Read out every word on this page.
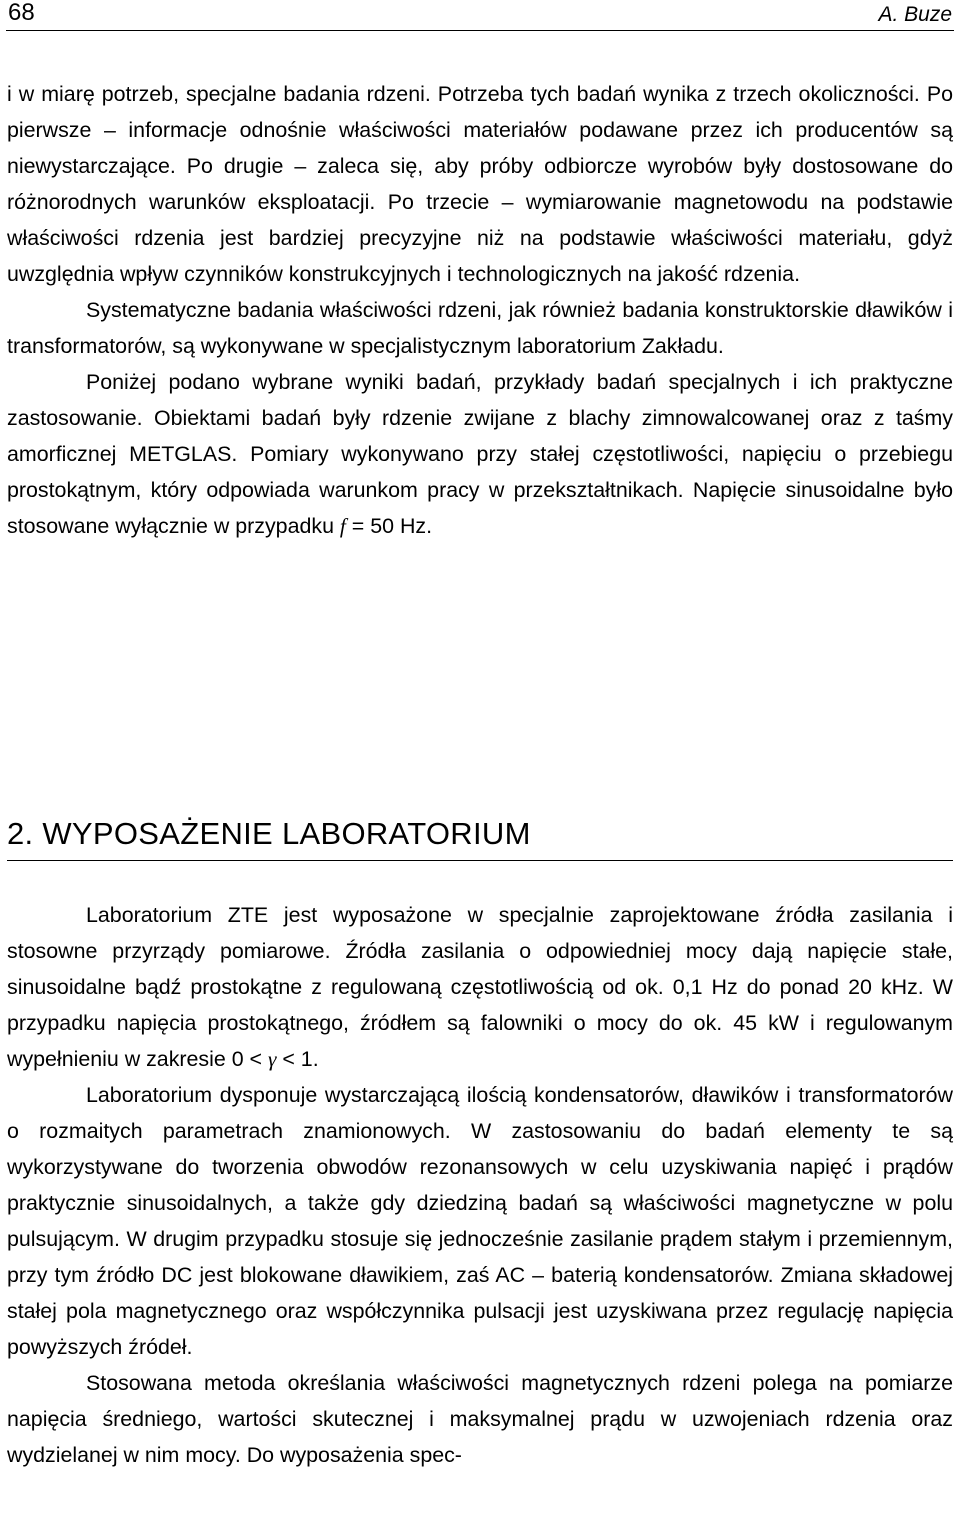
68	A. Buze

i w miarę potrzeb, specjalne badania rdzeni. Potrzeba tych badań wynika z trzech okoliczności. Po pierwsze – informacje odnośnie właściwości materiałów podawane przez ich producentów są niewystarczające. Po drugie – zaleca się, aby próby odbiorcze wyrobów były dostosowane do różnorodnych warunków eksploatacji. Po trzecie – wymiarowanie magnetowodu na podstawie właściwości rdzenia jest bardziej precyzyjne niż na podstawie właściwości materiału, gdyż uwzględnia wpływ czynników konstrukcyjnych i technologicznych na jakość rdzenia.

Systematyczne badania właściwości rdzeni, jak również badania konstruktorskie dławików i transformatorów, są wykonywane w specjalistycznym laboratorium Zakładu.

Poniżej podano wybrane wyniki badań, przykłady badań specjalnych i ich praktyczne zastosowanie. Obiektami badań były rdzenie zwijane z blachy zimnowalcowanej oraz z taśmy amorficznej METGLAS. Pomiary wykonywano przy stałej częstotliwości, napięciu o przebiegu prostokątnym, który odpowiada warunkom pracy w przekształtnikach. Napięcie sinusoidalne było stosowane wyłącznie w przypadku f = 50 Hz.

2. WYPOSAŻENIE LABORATORIUM

Laboratorium ZTE jest wyposażone w specjalnie zaprojektowane źródła zasilania i stosowne przyrządy pomiarowe. Źródła zasilania o odpowiedniej mocy dają napięcie stałe, sinusoidalne bądź prostokątne z regulowaną częstotliwością od ok. 0,1 Hz do ponad 20 kHz. W przypadku napięcia prostokątnego, źródłem są falowniki o mocy do ok. 45 kW i regulowanym wypełnieniu w zakresie 0 < γ < 1.

Laboratorium dysponuje wystarczającą ilością kondensatorów, dławików i transformatorów o rozmaitych parametrach znamionowych. W zastosowaniu do badań elementy te są wykorzystywane do tworzenia obwodów rezonansowych w celu uzyskiwania napięć i prądów praktycznie sinusoidalnych, a także gdy dziedziną badań są właściwości magnetyczne w polu pulsującym. W drugim przypadku stosuje się jednocześnie zasilanie prądem stałym i przemiennym, przy tym źródło DC jest blokowane dławikiem, zaś AC – baterią kondensatorów. Zmiana składowej stałej pola magnetycznego oraz współczynnika pulsacji jest uzyskiwana przez regulację napięcia powyższych źródeł.

Stosowana metoda określania właściwości magnetycznych rdzeni polega na pomiarze napięcia średniego, wartości skutecznej i maksymalnej prądu w uzwojeniach rdzenia oraz wydzielanej w nim mocy. Do wyposażenia spec-
